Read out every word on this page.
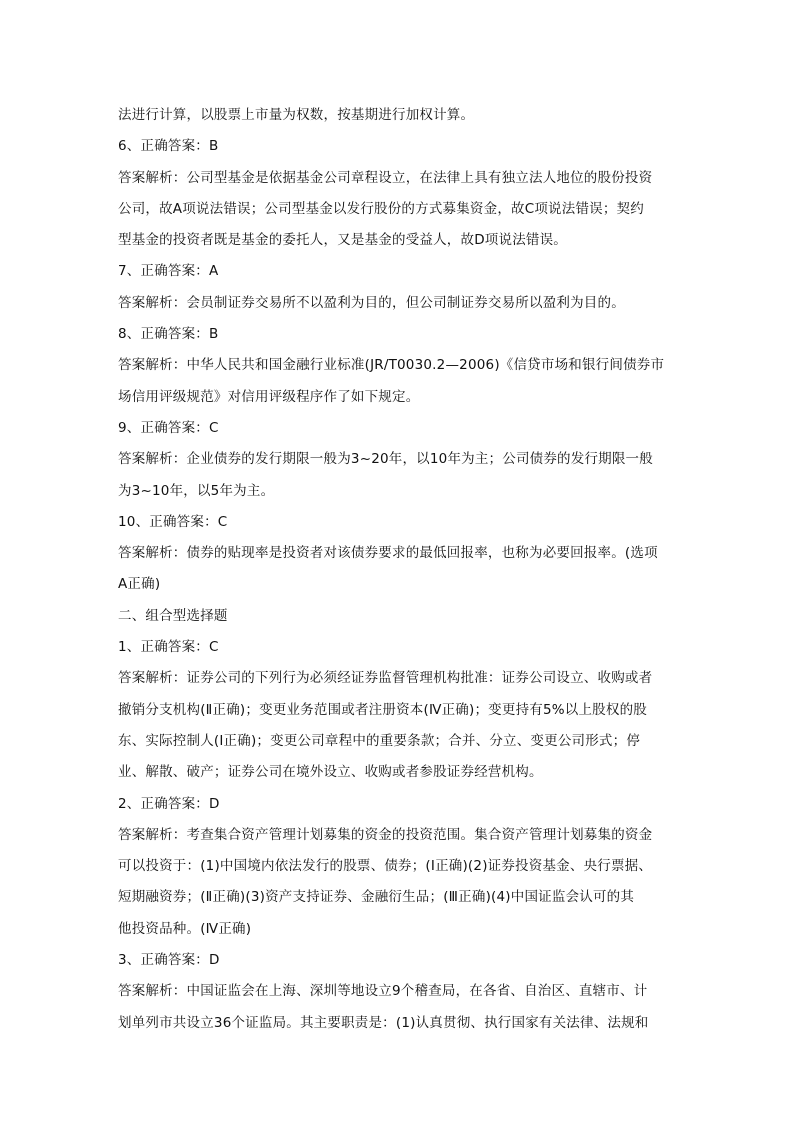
法进行计算，以股票上市量为权数，按基期进行加权计算。
6、正确答案：B
答案解析：公司型基金是依据基金公司章程设立，在法律上具有独立法人地位的股份投资
公司，故A项说法错误；公司型基金以发行股份的方式募集资金，故C项说法错误；契约
型基金的投资者既是基金的委托人，又是基金的受益人，故D项说法错误。
7、正确答案：A
答案解析：会员制证券交易所不以盈利为目的，但公司制证券交易所以盈利为目的。
8、正确答案：B
答案解析：中华人民共和国金融行业标准(JR/T0030.2—2006)《信贷市场和银行间债券市
场信用评级规范》对信用评级程序作了如下规定。
9、正确答案：C
答案解析：企业债券的发行期限一般为3~20年，以10年为主；公司债券的发行期限一般
为3~10年，以5年为主。
10、正确答案：C
答案解析：债券的贴现率是投资者对该债券要求的最低回报率，也称为必要回报率。(选项
A正确)
二、组合型选择题
1、正确答案：C
答案解析：证券公司的下列行为必须经证券监督管理机构批准：证券公司设立、收购或者
撤销分支机构(Ⅱ正确)；变更业务范围或者注册资本(Ⅳ正确)；变更持有5%以上股权的股
东、实际控制人(Ⅰ正确)；变更公司章程中的重要条款；合并、分立、变更公司形式；停
业、解散、破产；证券公司在境外设立、收购或者参股证券经营机构。
2、正确答案：D
答案解析：考查集合资产管理计划募集的资金的投资范围。集合资产管理计划募集的资金
可以投资于：(1)中国境内依法发行的股票、债券；(Ⅰ正确)(2)证券投资基金、央行票据、
短期融资券；(Ⅱ正确)(3)资产支持证券、金融衍生品；(Ⅲ正确)(4)中国证监会认可的其
他投资品种。(Ⅳ正确)
3、正确答案：D
答案解析：中国证监会在上海、深圳等地设立9个稽查局，在各省、自治区、直辖市、计
划单列市共设立36个证监局。其主要职责是：(1)认真贯彻、执行国家有关法律、法规和
